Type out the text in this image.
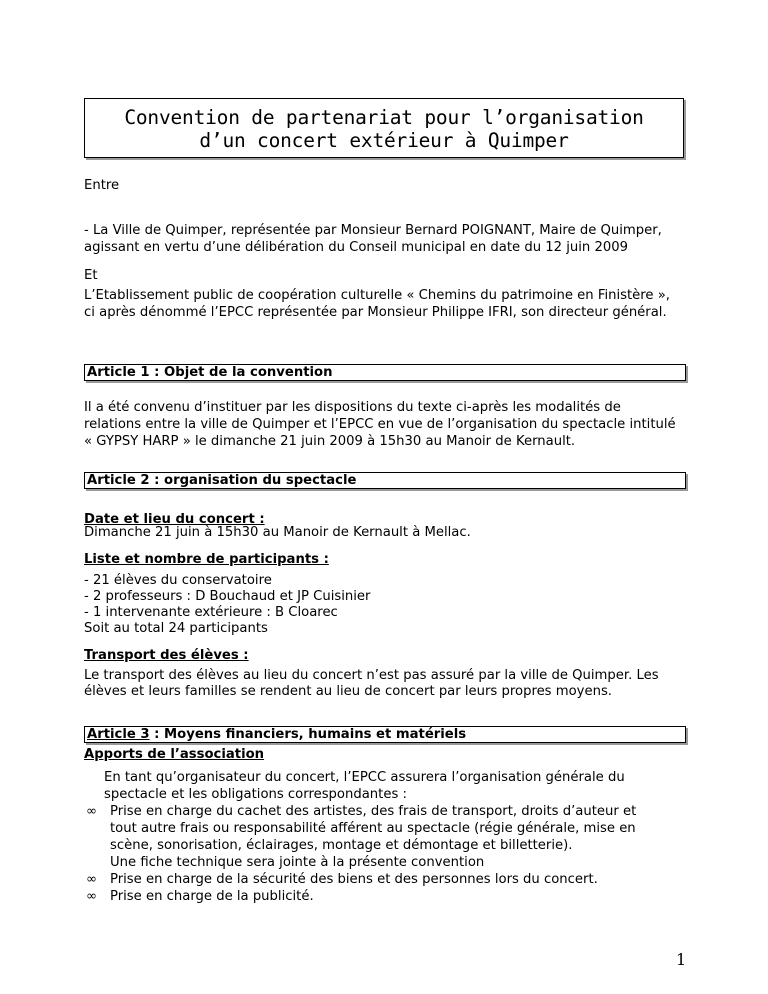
Convention de partenariat pour l’organisation
d’un concert extérieur à Quimper

Entre

- La Ville de Quimper, représentée par Monsieur Bernard POIGNANT, Maire de Quimper,

agissant en vertu d’une délibération du Conseil municipal en date du 12 juin 2009

Et

L’Etablissement public de coopération culturelle « Chemins du patrimoine en Finistère »,

ci après dénommé l’EPCC représentée par Monsieur Philippe IFRI, son directeur général.

Article 1 : Objet de la convention

Il a été convenu d’instituer par les dispositions du texte ci-après les modalités de

relations entre la ville de Quimper et l’EPCC en vue de l’organisation du spectacle intitulé

« GYPSY HARP » le dimanche 21 juin 2009 à 15h30 au Manoir de Kernault.

Article 2 : organisation du spectacle

Date et lieu du concert :

Dimanche 21 juin à 15h30 au Manoir de Kernault à Mellac.

Liste et nombre de participants :

- 21 élèves du conservatoire

- 2 professeurs : D Bouchaud et JP Cuisinier

- 1 intervenante extérieure : B Cloarec

Soit au total 24 participants

Transport des élèves :

Le transport des élèves au lieu du concert n’est pas assuré par la ville de Quimper. Les

élèves et leurs familles se rendent au lieu de concert par leurs propres moyens.

Article 3 : Moyens financiers, humains et matériels

Apports de l’association

En tant qu’organisateur du concert, l’EPCC assurera l’organisation générale du
spectacle et les obligations correspondantes :
∞ Prise en charge du cachet des artistes, des frais de transport, droits d’auteur et
tout autre frais ou responsabilité afférent au spectacle (régie générale, mise en
scène, sonorisation, éclairages, montage et démontage et billetterie).
Une fiche technique sera jointe à la présente convention
∞ Prise en charge de la sécurité des biens et des personnes lors du concert.
∞ Prise en charge de la publicité.
1
